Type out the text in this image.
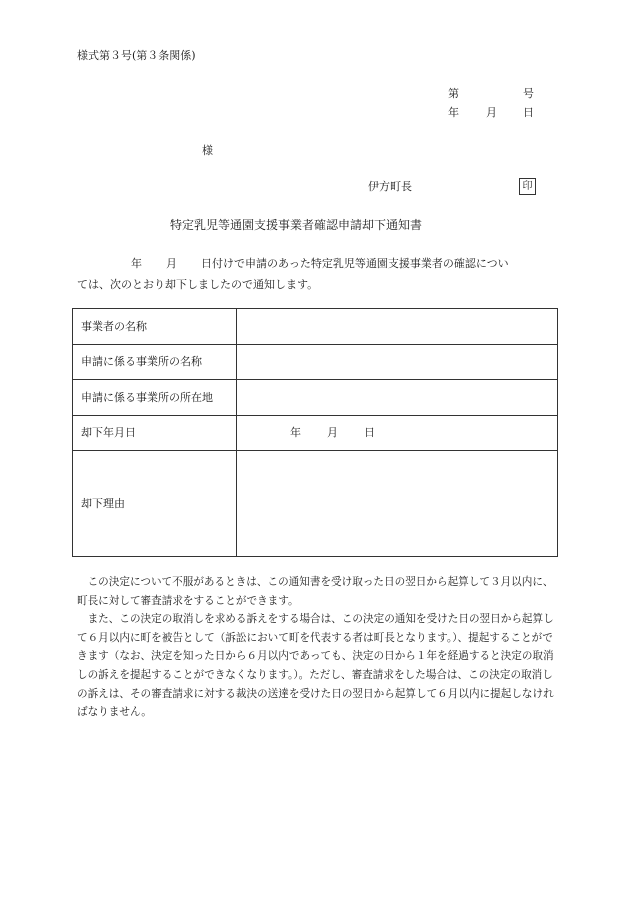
様式第３号(第３条関係)
第	号
年 月 日
様
伊方町長	印
特定乳児等通園支援事業者確認申請却下通知書
年 月 日付けで申請のあった特定乳児等通園支援事業者の確認につい
ては、次のとおり却下しましたので通知します。
事業者の名称	
申請に係る事業所の名称	
申請に係る事業所の所在地	
却下年月日	年 月 日
却下理由	

この決定について不服があるときは、この通知書を受け取った日の翌日から起算して３月以内に、町長に対して審査請求をすることができます。

また、この決定の取消しを求める訴えをする場合は、この決定の通知を受けた日の翌日から起算して６月以内に町を被告として（訴訟において町を代表する者は町長となります。）、提起することができます（なお、決定を知った日から６月以内であっても、決定の日から１年を経過すると決定の取消しの訴えを提起することができなくなります。）。ただし、審査請求をした場合は、この決定の取消しの訴えは、その審査請求に対する裁決の送達を受けた日の翌日から起算して６月以内に提起しなければなりません。
